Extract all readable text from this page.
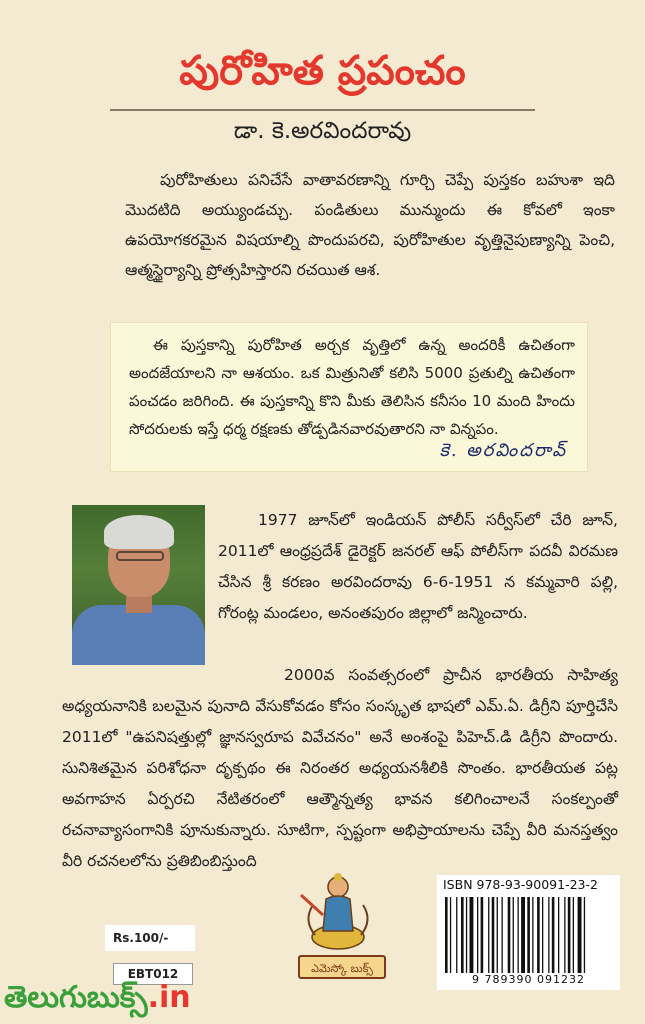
పురోహిత ప్రపంచం
డా. కె.అరవిందరావు
పురోహితులు పనిచేసే వాతావరణాన్ని గూర్చి చెప్పే పుస్తకం బహుశా ఇది మొదటిది అయ్యుండచ్చు. పండితులు మున్ముందు ఈ కోవలో ఇంకా ఉపయోగకరమైన విషయాల్ని పొందుపరచి, పురోహితుల వృత్తినైపుణ్యాన్ని పెంచి, ఆత్మస్థైర్యాన్ని ప్రోత్సహిస్తారని రచయిత ఆశ.

ఈ పుస్తకాన్ని పురోహిత అర్చక వృత్తిలో ఉన్న అందరికీ ఉచితంగా అందజేయాలని నా ఆశయం. ఒక మిత్రునితో కలిసి 5000 ప్రతుల్ని ఉచితంగా పంచడం జరిగింది. ఈ పుస్తకాన్ని కొని మీకు తెలిసిన కనీసం 10 మంది హిందు సోదరులకు ఇస్తే ధర్మ రక్షణకు తోడ్పడినవారవుతారని నా విన్నపం.

కె. అరవిందరావ్
1977 జూన్‌లో ఇండియన్ పోలీస్ సర్వీస్‌లో చేరి జూన్, 2011లో ఆంధ్రప్రదేశ్ డైరెక్టర్ జనరల్ ఆఫ్ పోలీస్‌గా పదవీ విరమణ చేసిన శ్రీ కరణం అరవిందరావు 6-6-1951 న కమ్మవారి పల్లి, గోరంట్ల మండలం, అనంతపురం జిల్లాలో జన్మించారు.
2000వ సంవత్సరంలో ప్రాచీన భారతీయ సాహిత్య అధ్యయనానికి బలమైన పునాది వేసుకోవడం కోసం సంస్కృత భాషలో ఎమ్.ఏ. డిగ్రీని పూర్తిచేసి 2011లో "ఉపనిషత్తుల్లో జ్ఞానస్వరూప వివేచనం" అనే అంశంపై పిహెచ్.డి డిగ్రీని పొందారు. సునిశితమైన పరిశోధనా దృక్పథం ఈ నిరంతర అధ్యయనశీలికి సొంతం. భారతీయత పట్ల అవగాహన ఏర్పరచి నేటితరంలో ఆత్మౌన్నత్య భావన కలిగించాలనే సంకల్పంతో రచనావ్యాసంగానికి పూనుకున్నారు. సూటిగా, స్పష్టంగా అభిప్రాయాలను చెప్పే వీరి మనస్తత్వం వీరి రచనలలోను ప్రతిబింబిస్తుంది
ఎమెస్కో బుక్స్
Rs.100/-
EBT012
ISBN 978-93-90091-23-2
9 789390 091232
తెలుగుబుక్స్.in
